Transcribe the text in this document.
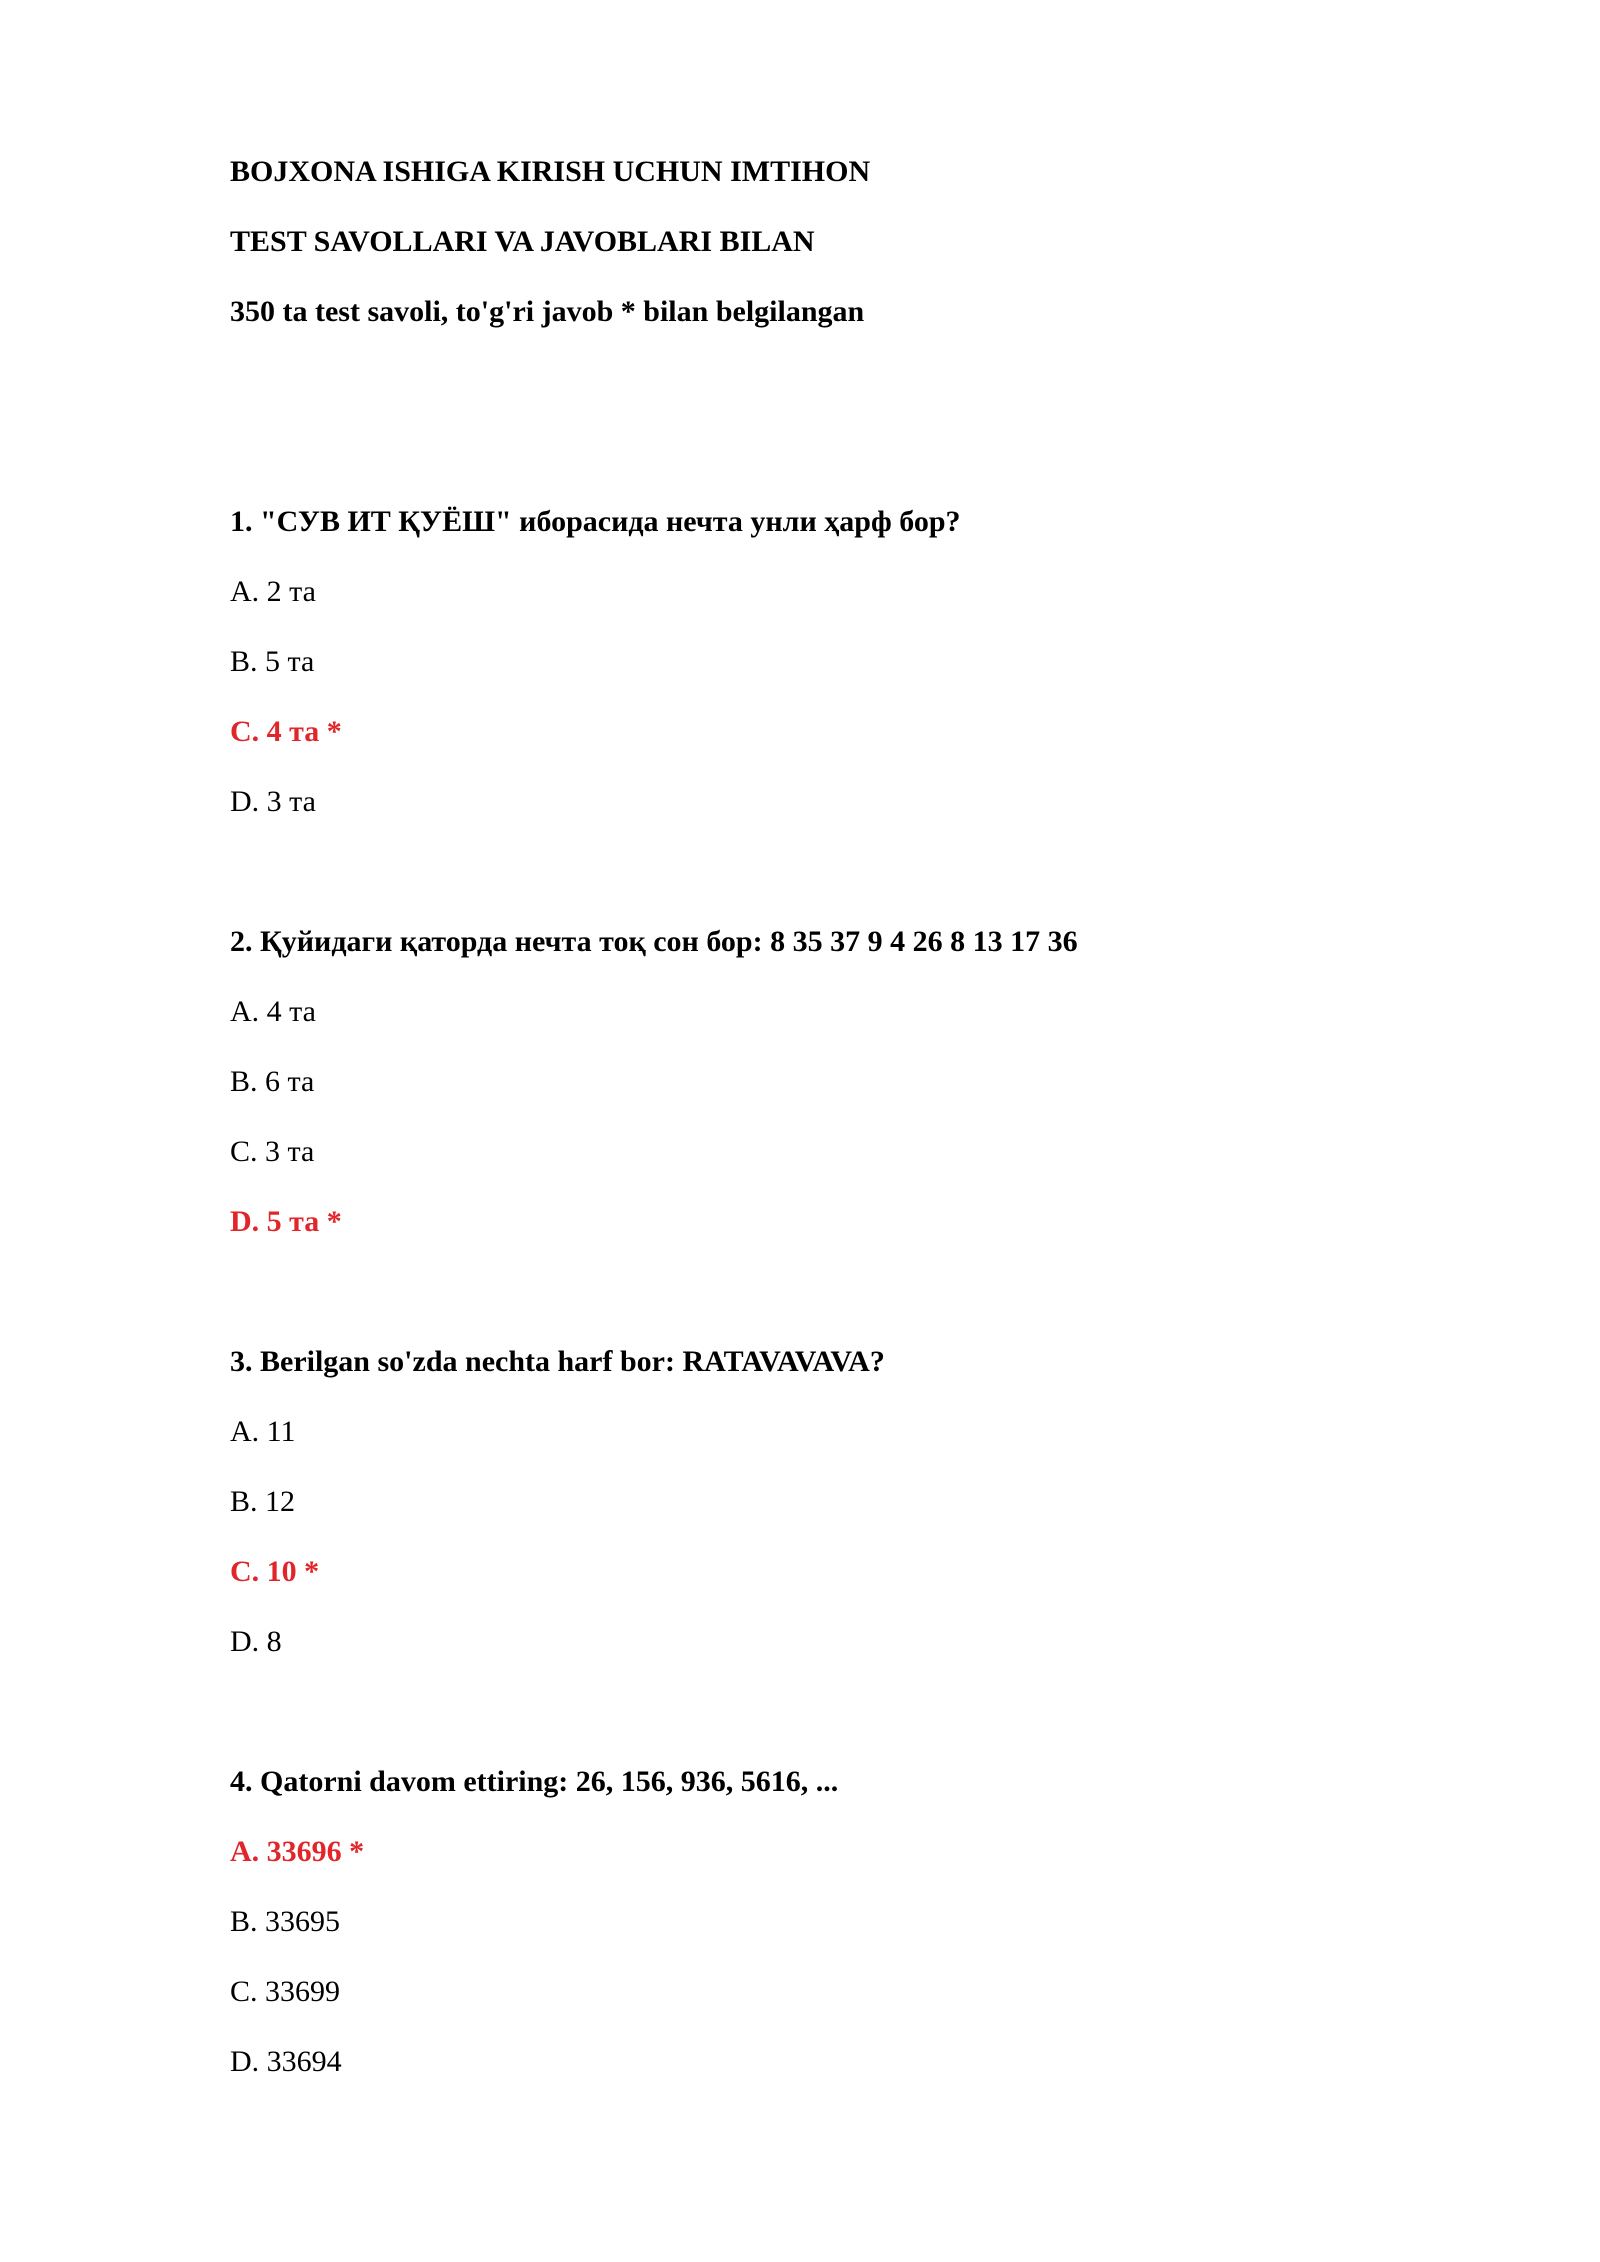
BOJXONA ISHIGA KIRISH UCHUN IMTIHON
TEST SAVOLLARI VA JAVOBLARI BILAN
350 ta test savoli, to'g'ri javob * bilan belgilangan
1. "СУВ ИТ ҚУЁШ" иборасида нечта унли ҳарф бор?
A. 2 та
B. 5 та
C. 4 та *
D. 3 та
2. Қуйидаги қаторда нечта тоқ сон бор: 8 35 37 9 4 26 8 13 17 36
A. 4 та
B. 6 та
C. 3 та
D. 5 та *
3. Berilgan so'zda nechta harf bor: RATAVAVAVA?
A. 11
B. 12
C. 10 *
D. 8
4. Qatorni davom ettiring: 26, 156, 936, 5616, ...
A. 33696 *
B. 33695
C. 33699
D. 33694
